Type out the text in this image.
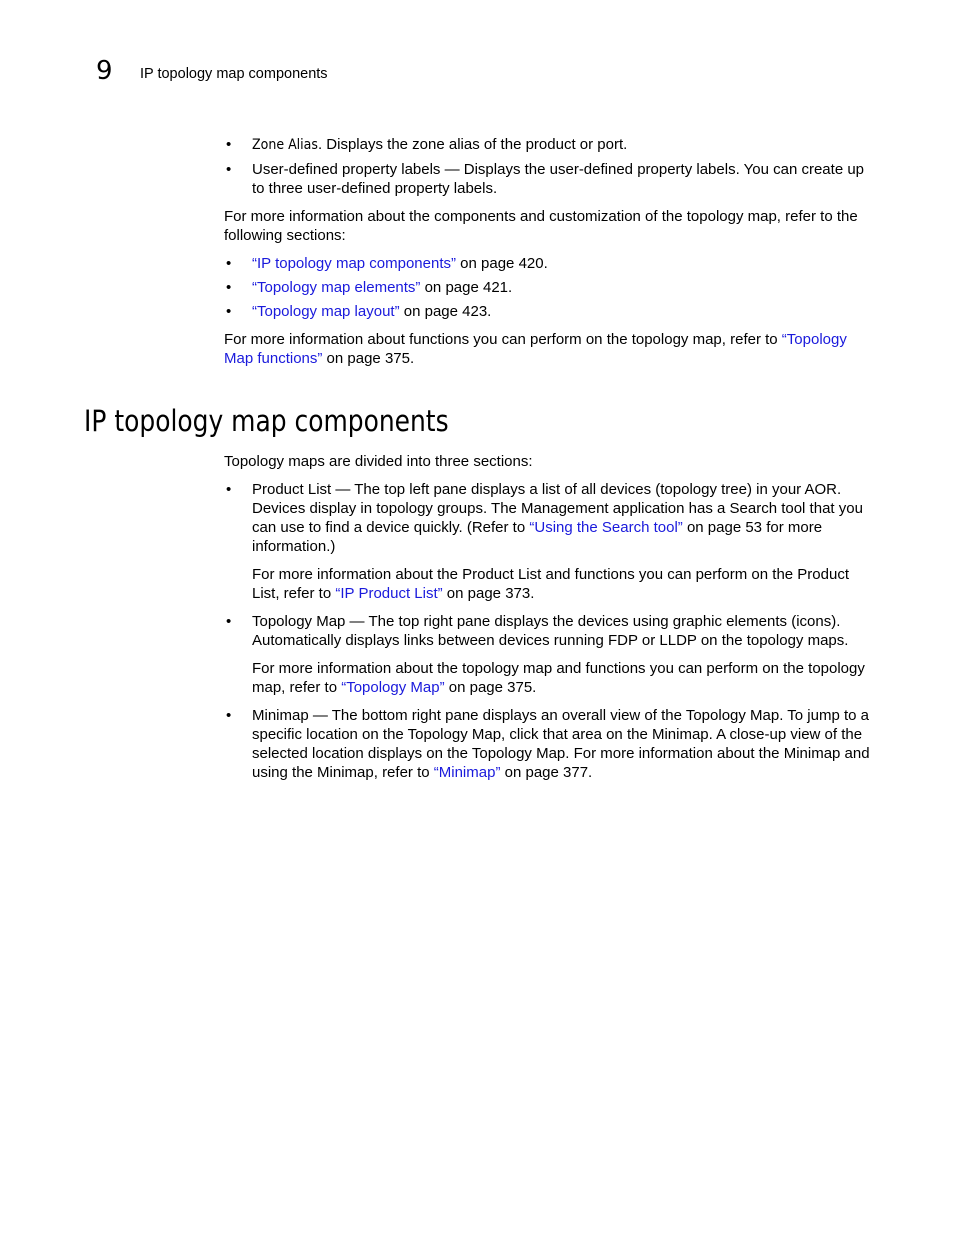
9 IP topology map components
• Zone Alias. Displays the zone alias of the product or port.
• User-defined property labels — Displays the user-defined property labels. You can create up to three user-defined property labels.

For more information about the components and customization of the topology map, refer to the following sections:

• “IP topology map components” on page 420.
• “Topology map elements” on page 421.
• “Topology map layout” on page 423.

For more information about functions you can perform on the topology map, refer to “Topology Map functions” on page 375.

IP topology map components

Topology maps are divided into three sections:

• Product List — The top left pane displays a list of all devices (topology tree) in your AOR. Devices display in topology groups. The Management application has a Search tool that you can use to find a device quickly. (Refer to “Using the Search tool” on page 53 for more information.)

For more information about the Product List and functions you can perform on the Product List, refer to “IP Product List” on page 373.

• Topology Map — The top right pane displays the devices using graphic elements (icons). Automatically displays links between devices running FDP or LLDP on the topology maps.

For more information about the topology map and functions you can perform on the topology map, refer to “Topology Map” on page 375.

• Minimap — The bottom right pane displays an overall view of the Topology Map. To jump to a specific location on the Topology Map, click that area on the Minimap. A close-up view of the selected location displays on the Topology Map. For more information about the Minimap and using the Minimap, refer to “Minimap” on page 377.
